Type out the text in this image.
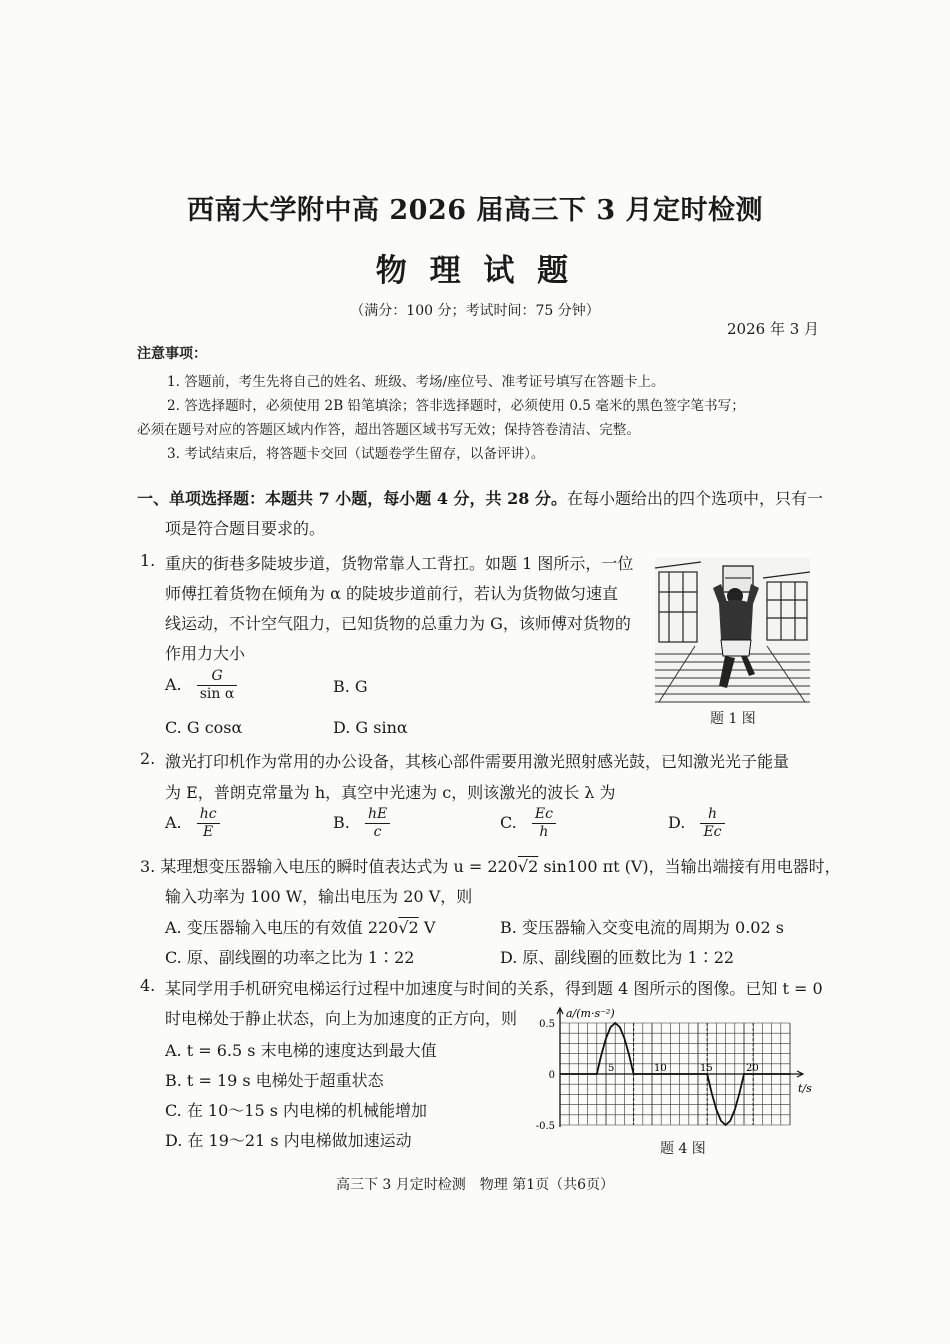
西南大学附中高 2026 届高三下 3 月定时检测
物 理 试 题
（满分：100 分；考试时间：75 分钟）
2026 年 3 月
注意事项：
1. 答题前，考生先将自己的姓名、班级、考场/座位号、准考证号填写在答题卡上。
2. 答选择题时，必须使用 2B 铅笔填涂；答非选择题时，必须使用 0.5 毫米的黑色签字笔书写；
必须在题号对应的答题区域内作答，超出答题区域书写无效；保持答卷清洁、完整。
3. 考试结束后，将答题卡交回（试题卷学生留存，以备评讲）。
一、单项选择题：本题共 7 小题，每小题 4 分，共 28 分。在每小题给出的四个选项中，只有一
项是符合题目要求的。
1. 重庆的街巷多陡坡步道，货物常靠人工背扛。如题 1 图所示，一位
师傅扛着货物在倾角为 α 的陡坡步道前行，若认为货物做匀速直
线运动，不计空气阻力，已知货物的总重力为 G，该师傅对货物的
作用力大小
A. $\frac{G}{\text{sin α}}$	B. G
C. G cosα	D. G sinα	题 1 图
2. 激光打印机作为常用的办公设备，其核心部件需要用激光照射感光鼓，已知激光光子能量
为 E，普朗克常量为 h，真空中光速为 c，则该激光的波长 λ 为
A. $\frac{hc}{E}$	B. $\frac{hE}{c}$	C. $\frac{Ec}{h}$	D. $\frac{h}{Ec}$
3. 某理想变压器输入电压的瞬时值表达式为 u = 220√2 sin100 πt (V)，当输出端接有用电器时，
输入功率为 100 W，输出电压为 20 V，则
A. 变压器输入电压的有效值 220√2 V	B. 变压器输入交变电流的周期为 0.02 s
C. 原、副线圈的功率之比为 1∶22	D. 原、副线圈的匝数比为 1∶22
4. 某同学用手机研究电梯运行过程中加速度与时间的关系，得到题 4 图所示的图像。已知 t = 0
时电梯处于静止状态，向上为加速度的正方向，则
A. t = 6.5 s 末电梯的速度达到最大值
B. t = 19 s 电梯处于超重状态
C. 在 10～15 s 内电梯的机械能增加
D. 在 19～21 s 内电梯做加速运动
5	10	15	20
0.5
0
-0.5
a/(m·s⁻²)
t/s
题 4 图
高三下 3 月定时检测　物理 第1页（共6页）
